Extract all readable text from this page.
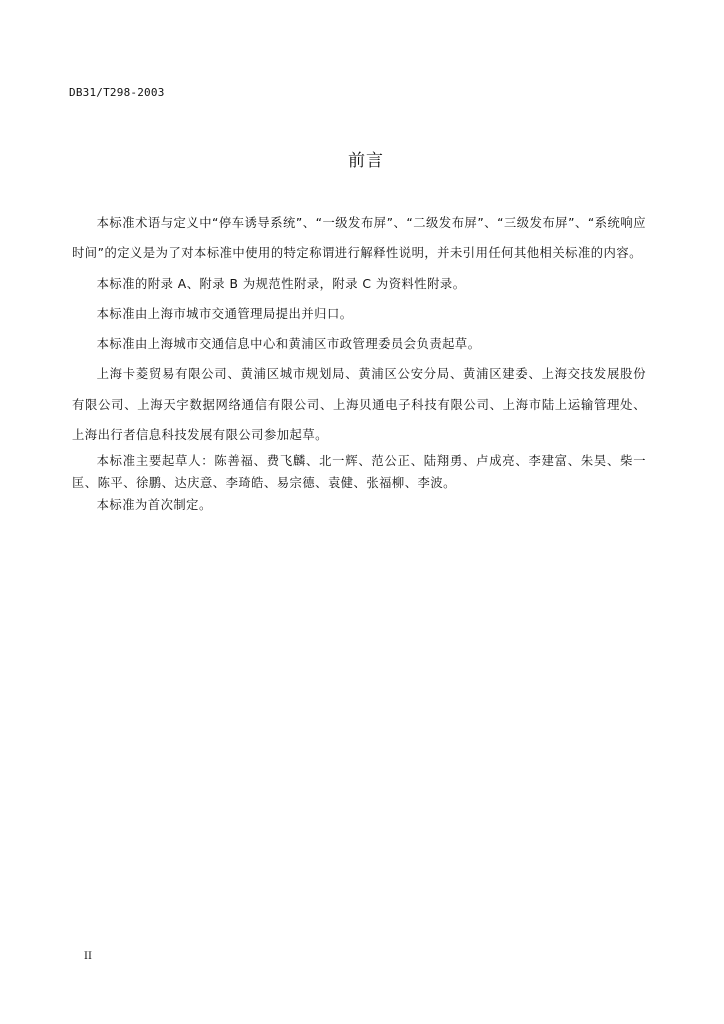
DB31/T298-2003
前言

本标准术语与定义中“停车诱导系统”、“一级发布屏”、“二级发布屏”、“三级发布屏”、“系统响应时间”的定义是为了对本标准中使用的特定称谓进行解释性说明，并未引用任何其他相关标准的内容。

本标准的附录 A、附录 B 为规范性附录，附录 C 为资料性附录。

本标准由上海市城市交通管理局提出并归口。

本标准由上海城市交通信息中心和黄浦区市政管理委员会负责起草。

上海卡菱贸易有限公司、黄浦区城市规划局、黄浦区公安分局、黄浦区建委、上海交技发展股份有限公司、上海天宇数据网络通信有限公司、上海贝通电子科技有限公司、上海市陆上运输管理处、上海出行者信息科技发展有限公司参加起草。

本标准主要起草人：陈善福、费飞麟、北一辉、范公正、陆翔勇、卢成亮、李建富、朱昊、柴一匡、陈平、徐鹏、达庆意、李琦皓、易宗德、袁健、张福柳、李波。

本标准为首次制定。

II
